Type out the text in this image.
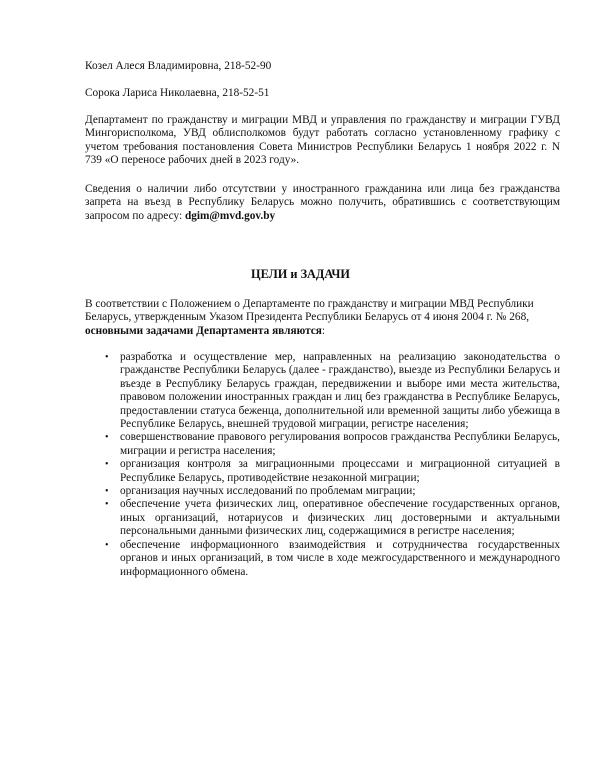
Козел Алеся Владимировна, 218-52-90

Сорока Лариса Николаевна, 218-52-51

Департамент по гражданству и миграции МВД и управления по гражданству и миграции ГУВД Мингорисполкома, УВД облисполкомов будут работать согласно установленному графику с учетом требования постановления Совета Министров Республики Беларусь 1 ноября 2022 г. N 739 «О переносе рабочих дней в 2023 году».

Сведения о наличии либо отсутствии у иностранного гражданина или лица без гражданства запрета на въезд в Республику Беларусь можно получить, обратившись с соответствующим запросом по адресу: dgim@mvd.gov.by

ЦЕЛИ и ЗАДАЧИ

В соответствии с Положением о Департаменте по гражданству и миграции МВД Республики Беларусь, утвержденным Указом Президента Республики Беларусь от 4 июня 2004 г. № 268, основными задачами Департамента являются:

• разработка и осуществление мер, направленных на реализацию законодательства о гражданстве Республики Беларусь (далее - гражданство), выезде из Республики Беларусь и въезде в Республику Беларусь граждан, передвижении и выборе ими места жительства, правовом положении иностранных граждан и лиц без гражданства в Республике Беларусь, предоставлении статуса беженца, дополнительной или временной защиты либо убежища в Республике Беларусь, внешней трудовой миграции, регистре населения;
• совершенствование правового регулирования вопросов гражданства Республики Беларусь, миграции и регистра населения;
• организация контроля за миграционными процессами и миграционной ситуацией в Республике Беларусь, противодействие незаконной миграции;
• организация научных исследований по проблемам миграции;
• обеспечение учета физических лиц, оперативное обеспечение государственных органов, иных организаций, нотариусов и физических лиц достоверными и актуальными персональными данными физических лиц, содержащимися в регистре населения;
• обеспечение информационного взаимодействия и сотрудничества государственных органов и иных организаций, в том числе в ходе межгосударственного и международного информационного обмена.
